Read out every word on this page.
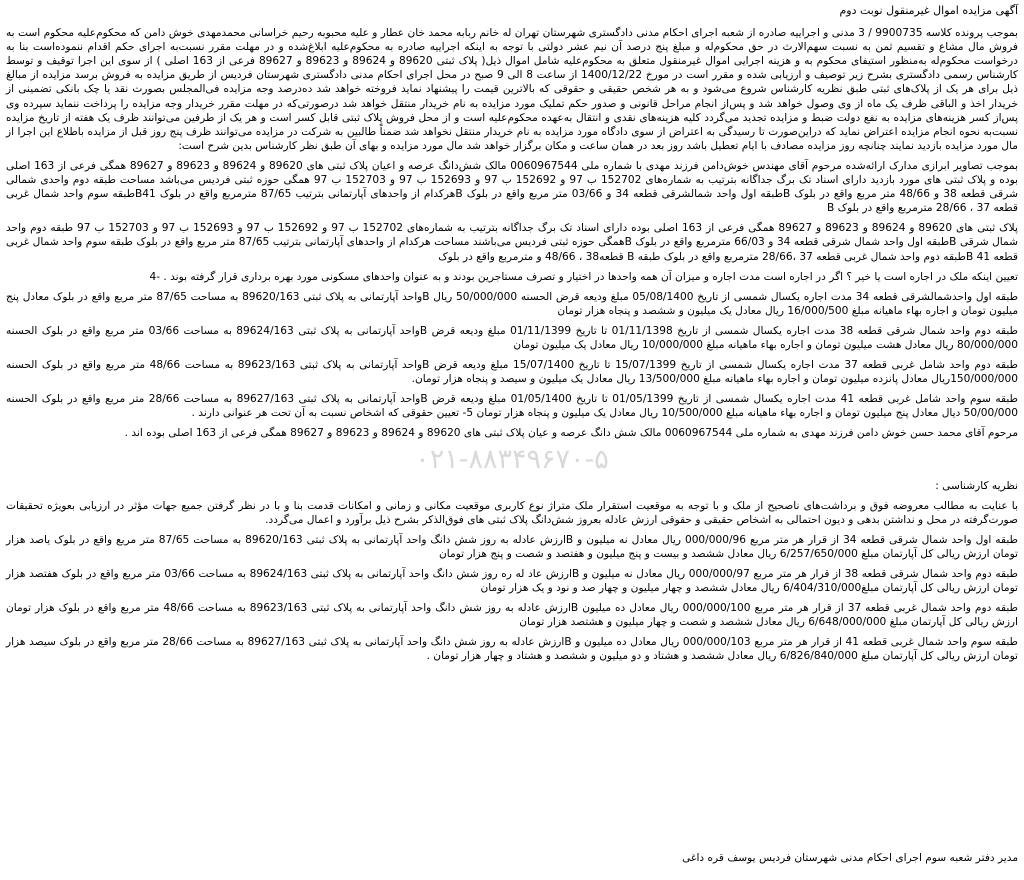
آگهی مزایده اموال غیرمنقول نوبت دوم

بموجب پرونده کلاسه 9900735 / 3 مدنی و اجراییه صادره از شعبه اجرای احکام مدنی دادگستری شهرستان تهران له خانم ربابه محمد خان عطار و علیه محبوبه رحیم خراسانی محمدمهدی خوش دامن که محکوم‌علیه محکوم است به فروش مال مشاع و تقسیم ثمن به نسبت سهم‌الارث در حق محکوم‌له و مبلغ پنج درصد آن نیم عشر دولتی با توجه به اینکه اجراییه صادره به محکوم‌علیه ابلاغ‌شده و در مهلت مقرر نسبت‌به اجرای حکم اقدام ننموده‌است بنا به درخواست محکوم‌له به‌منظور استیفای محکوم به و هزینه اجرایی اموال غیرمنقول متعلق به محکوم‌علیه شامل اموال ذیل( پلاک ثبتی 89620 و 89624 و 89623 و 89627 فرعی از 163 اصلی ) از سوی این اجرا توقیف و توسط کارشناس رسمی دادگستری بشرح زیر توصیف و ارزیابی شده و مقرر است در مورخ 1400/12/22 از ساعت 8 الی 9 صبح در محل اجرای احکام مدنی دادگستری شهرستان فردیس از طریق مزایده به فروش برسد مزایده از مبالغ ذیل برای هر یک از پلاک‌های ثبتی طبق نظریه کارشناس شروع می‌شود و به هر شخص حقیقی و حقوقی که بالاترین قیمت را پیشنهاد نماید فروخته خواهد شد ده‌درصد وجه مزایده فی‌المجلس بصورت نقد یا چک بانکی تضمینی از خریدار اخذ و الباقی ظرف یک ماه از وی وصول خواهد شد و پس‌از انجام مراحل قانونی و صدور حکم تملیک مورد مزایده به نام خریدار منتقل خواهد شد درصورتی‌که در مهلت مقرر خریدار وجه مزایده را پرداخت ننماید سپرده وی پس‌از کسر هزینه‌های مزایده به نفع دولت ضبط و مزایده تجدید می‌گردد کلیه هزینه‌های نقدی و انتقال به‌عهده محکوم‌علیه است و از محل فروش پلاک ثبتی قابل کسر است و هر یک از طرفین می‌توانند ظرف یک هفته از تاریخ مزایده نسبت‌به نحوه انجام مزایده اعتراض نماید که دراین‌صورت تا رسیدگی به اعتراض از سوی دادگاه مورد مزایده به نام خریدار منتقل نخواهد شد ضمناً طالبین به شرکت در مزایده می‌توانند ظرف پنج روز قبل از مزایده باطلاع این اجرا از مال مورد مزایده بازدید نمایند چنانچه روز مزایده مصادف با ایام تعطیل باشد روز بعد در همان ساعت و مکان برگزار خواهد شد مال مورد مزایده و بهای آن طبق نظر کارشناس بدین شرح است:

بموجب تصاویر ابرازی مدارک ارائه‌شده مرحوم آقای مهندس خوش‌دامن فرزند مهدی با شماره ملی 0060967544 مالک شش‌دانگ عرصه و اعیان پلاک ثبتی های 89620 و 89624 و 89623 و 89627 همگی فرعی از 163 اصلی بوده و پلاک ثبتی های مورد بازدید دارای اسناد تک برگ جداگانه بترتیب به شماره‌های 152702 ب 97 و 152692 ب 97 و 152693 ب 97 و 152703 ب 97 همگی حوزه ثبتی فردیس می‌باشد مساحت طبقه دوم واحدی شمالی شرقی قطعه 38 و 48/66 متر مربع واقع در بلوک Bطبقه اول واحد شمالشرقی قطعه 34 و 03/66 متر مربع واقع در بلوک Bهرکدام از واحدهای آپارتمانی بترتیب 87/65 مترمربع واقع در بلوک B41طبقه سوم واحد شمال غربی قطعه 37 ، 28/66 مترمربع واقع در بلوک B

پلاک ثبتی های 89620 و 89624 و 89623 و 89627 همگی فرعی از 163 اصلی بوده دارای اسناد تک برگ جداگانه بترتیب به شماره‌های 152702 ب 97 و 152692 ب 97 و 152693 ب 97 و 152703 ب 97 طبقه دوم واحد شمال شرقی Bطبقه اول واحد شمال شرقی قطعه 34 و 66/03 مترمربع واقع در بلوک Bهمگی حوزه ثبتی فردیس می‌باشند مساحت هرکدام از واحدهای آپارتمانی بترتیب 87/65 متر مربع واقع در بلوک طبقه سوم واحد شمال غربی قطعه 41 Bطبقه دوم واحد شمال غربی قطعه 37 ،28/66 مترمربع واقع در بلوک طبقه B قطعه38 ، 48/66 و مترمربع واقع در بلوک

تعیین اینکه ملک در اجاره است یا خیر ؟ اگر در اجاره است مدت اجاره و میزان آن همه واحدها در اختیار و تصرف مستاجرین بودند و به عنوان واحدهای مسکونی مورد بهره برداری قرار گرفته بوند . -4

طبقه اول واحدشمالشرقی قطعه 34 مدت اجاره یکسال شمسی از تاریخ 05/08/1400 مبلغ ودیعه قرض الحسنه 50/000/000 ریال Bواحد آپارتمانی به پلاک ثبتی 89620/163 به مساحت 87/65 متر مربع واقع در بلوک معادل پنج میلیون تومان و اجاره بهاء ماهیانه مبلغ 16/000/500 ریال معادل یک میلیون و ششصد و پنجاه هزار تومان

طبقه دوم واحد شمال شرقی قطعه 38 مدت اجاره یکسال شمسی از تاریخ 01/11/1398 تا تاریخ 01/11/1399 مبلغ ودیعه قرض Bواحد آپارتمانی به پلاک ثبتی 89624/163 به مساحت 03/66 متر مربع واقع در بلوک الحسنه 80/000/000 ریال معادل هشت میلیون تومان و اجاره بهاء ماهیانه مبلغ 10/000/000 ریال معادل یک میلیون تومان

طبقه دوم واحد شامل غربی قطعه 37 مدت اجاره یکسال شمسی از تاریخ 15/07/1399 تا تاریخ 15/07/1400 مبلغ ودیعه قرض Bواحد آپارتمانی به پلاک ثبتی 89623/163 به مساحت 48/66 متر مربع واقع در بلوک الحسنه 150/000/000ریال معادل پانزده میلیون تومان و اجاره بهاء ماهیانه مبلغ 13/500/000 ریال معادل یک میلیون و سیصد و پنجاه هزار تومان.

طبقه سوم واحد شامل غربی قطعه 41 مدت اجاره یکسال شمسی از تاریخ 01/05/1399 تا تاریخ 01/05/1400 مبلغ ودیعه قرض Bواحد آپارتمانی به پلاک ثبتی 89627/163 به مساحت 28/66 متر مربع واقع در بلوک الحسنه 50/00/000 دیال معادل پنج میلیون تومان و اجاره بهاء ماهیانه مبلغ 10/500/000 ریال معادل یک میلیون و پنجاه هزار تومان 5- تعیین حقوقی که اشخاص نسبت به آن تحت هر عنوانی دارند .

مرحوم آقای محمد حسن خوش دامن فرزند مهدی به شماره ملی 0060967544 مالک شش دانگ عرصه و عیان پلاک ثبتی های 89620 و 89624 و 89623 و 89627 همگی فرعی از 163 اصلی بوده اند .

۰۲۱-۸۸۳۴۹۶۷۰-۵

نظریه کارشناسی :

با عنایت به مطالب معروضه فوق و برداشت‌های ناصحیح از ملک و با توجه به موقعیت استقرار ملک متراژ نوع کاربری موقعیت مکانی و زمانی و امکانات قدمت بنا و با در نظر گرفتن جمیع جهات مؤثر در ارزیابی بعویژه تحقیقات صورت‌گرفته در محل و نداشتن بدهی و دیون احتمالی به اشخاص حقیقی و حقوقی ارزش عادله بعروز شش‌دانگ پلاک ثبتی های فوق‌الذکر بشرح ذیل برآورد و اعمال می‌گردد.

طبقه اول واحد شمال شرقی قطعه 34 از قرار هر متر مربع 000/000/96 ریال معادل نه میلیون و Bارزش عادله به روز شش دانگ واحد آپارتمانی به پلاک ثبتی 89620/163 به مساحت 87/65 متر مربع واقع در بلوک یاصد هزار تومان ارزش ریالی کل آپارتمان مبلغ 6/257/650/000 ریال معادل ششصد و بیست و پنج میلیون و هفتصد و شصت و پنج هزار تومان

طبقه دوم واحد شمال شرقی قطعه 38 از قرار هر متر مربع 000/000/97 ریال معادل نه میلیون و Bارزش عاد له ره روز شش دانگ واحد آپارتمانی به پلاک ثبتی 89624/163 به مساحت 03/66 متر مربع واقع در بلوک هفتصد هزار تومان ارزش ریالی کل آپارتمان مبلغ6/404/310/000 ریال معادل ششصد و چهار میلیون و چهار صد و نود و یک هزار تومان

طبقه دوم واحد شمال غربی قطعه 37 از قرار هر متر مربع 000/000/100 ریال معادل ده میلیون Bارزش عادله به روز شش دانگ واحد آپارتمانی به پلاک ثبتی 89623/163 به مساحت 48/66 متر مربع واقع در بلوک هزار تومان ارزش ریالی کل آپارتمان مبلغ 6/648/000/000 ریال معادل ششصد و شصت و چهار میلیون و هشتصد هزار تومان

طبقه سوم واحد شمال غربی قطعه 41 از قرار هر متر مربع 000/000/103 ریال معادل ده میلیون و Bارزش عادله به روز شش دانگ واحد آپارتمانی به پلاک ثبتی 89627/163 به مساحت 28/66 متر مربع واقع در بلوک سیصد هزار تومان ارزش ریالی کل آپارتمان مبلغ 6/826/840/000 ریال معادل ششصد و هشتاد و دو میلیون و ششصد و هشتاد و چهار هزار تومان .

مدیر دفتر شعبه سوم اجرای احکام مدنی شهرستان فردیس یوسف قره داغی
